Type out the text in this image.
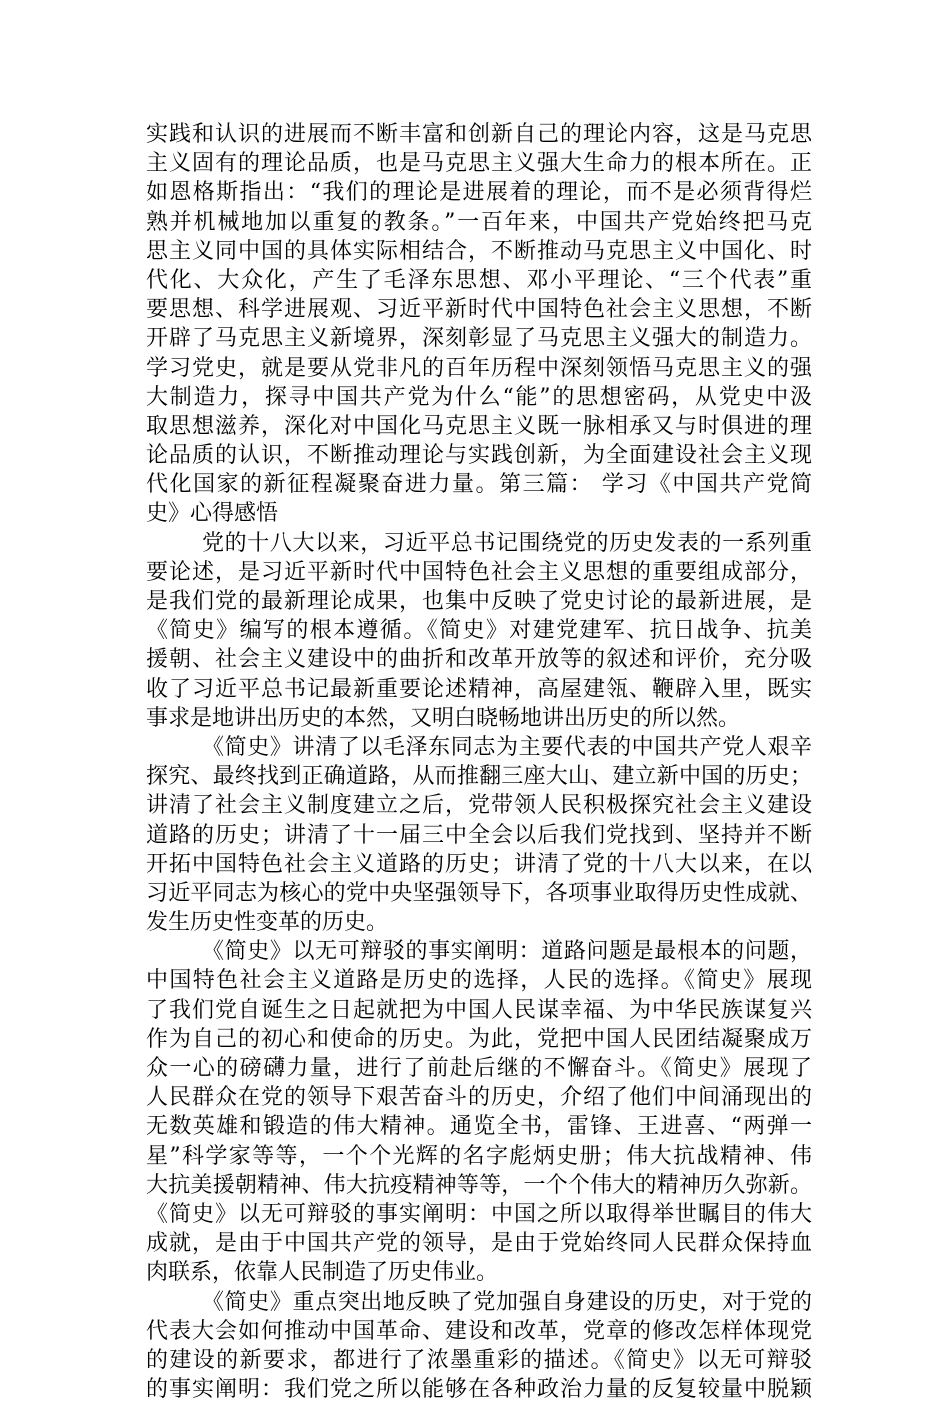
实践和认识的进展而不断丰富和创新自己的理论内容，这是马克思
主义固有的理论品质，也是马克思主义强大生命力的根本所在。正
如恩格斯指出：“我们的理论是进展着的理论，而不是必须背得烂
熟并机械地加以重复的教条。”一百年来，中国共产党始终把马克
思主义同中国的具体实际相结合，不断推动马克思主义中国化、时
代化、大众化，产生了毛泽东思想、邓小平理论、“三个代表”重
要思想、科学进展观、习近平新时代中国特色社会主义思想，不断
开辟了马克思主义新境界，深刻彰显了马克思主义强大的制造力。
学习党史，就是要从党非凡的百年历程中深刻领悟马克思主义的强
大制造力，探寻中国共产党为什么“能”的思想密码，从党史中汲
取思想滋养，深化对中国化马克思主义既一脉相承又与时俱进的理
论品质的认识，不断推动理论与实践创新，为全面建设社会主义现
代化国家的新征程凝聚奋进力量。第三篇： 学习《中国共产党简
史》心得感悟
党的十八大以来，习近平总书记围绕党的历史发表的一系列重
要论述，是习近平新时代中国特色社会主义思想的重要组成部分，
是我们党的最新理论成果，也集中反映了党史讨论的最新进展，是
《简史》编写的根本遵循。《简史》对建党建军、抗日战争、抗美
援朝、社会主义建设中的曲折和改革开放等的叙述和评价，充分吸
收了习近平总书记最新重要论述精神，高屋建瓴、鞭辟入里，既实
事求是地讲出历史的本然，又明白晓畅地讲出历史的所以然。
《简史》讲清了以毛泽东同志为主要代表的中国共产党人艰辛
探究、最终找到正确道路，从而推翻三座大山、建立新中国的历史；
讲清了社会主义制度建立之后，党带领人民积极探究社会主义建设
道路的历史；讲清了十一届三中全会以后我们党找到、坚持并不断
开拓中国特色社会主义道路的历史；讲清了党的十八大以来，在以
习近平同志为核心的党中央坚强领导下，各项事业取得历史性成就、
发生历史性变革的历史。
《简史》以无可辩驳的事实阐明：道路问题是最根本的问题，
中国特色社会主义道路是历史的选择，人民的选择。《简史》展现
了我们党自诞生之日起就把为中国人民谋幸福、为中华民族谋复兴
作为自己的初心和使命的历史。为此，党把中国人民团结凝聚成万
众一心的磅礴力量，进行了前赴后继的不懈奋斗。《简史》展现了
人民群众在党的领导下艰苦奋斗的历史，介绍了他们中间涌现出的
无数英雄和锻造的伟大精神。通览全书，雷锋、王进喜、“两弹一
星”科学家等等，一个个光辉的名字彪炳史册；伟大抗战精神、伟
大抗美援朝精神、伟大抗疫精神等等，一个个伟大的精神历久弥新。
《简史》以无可辩驳的事实阐明：中国之所以取得举世瞩目的伟大
成就，是由于中国共产党的领导，是由于党始终同人民群众保持血
肉联系，依靠人民制造了历史伟业。
《简史》重点突出地反映了党加强自身建设的历史，对于党的
代表大会如何推动中国革命、建设和改革，党章的修改怎样体现党
的建设的新要求，都进行了浓墨重彩的描述。《简史》以无可辩驳
的事实阐明：我们党之所以能够在各种政治力量的反复较量中脱颖
